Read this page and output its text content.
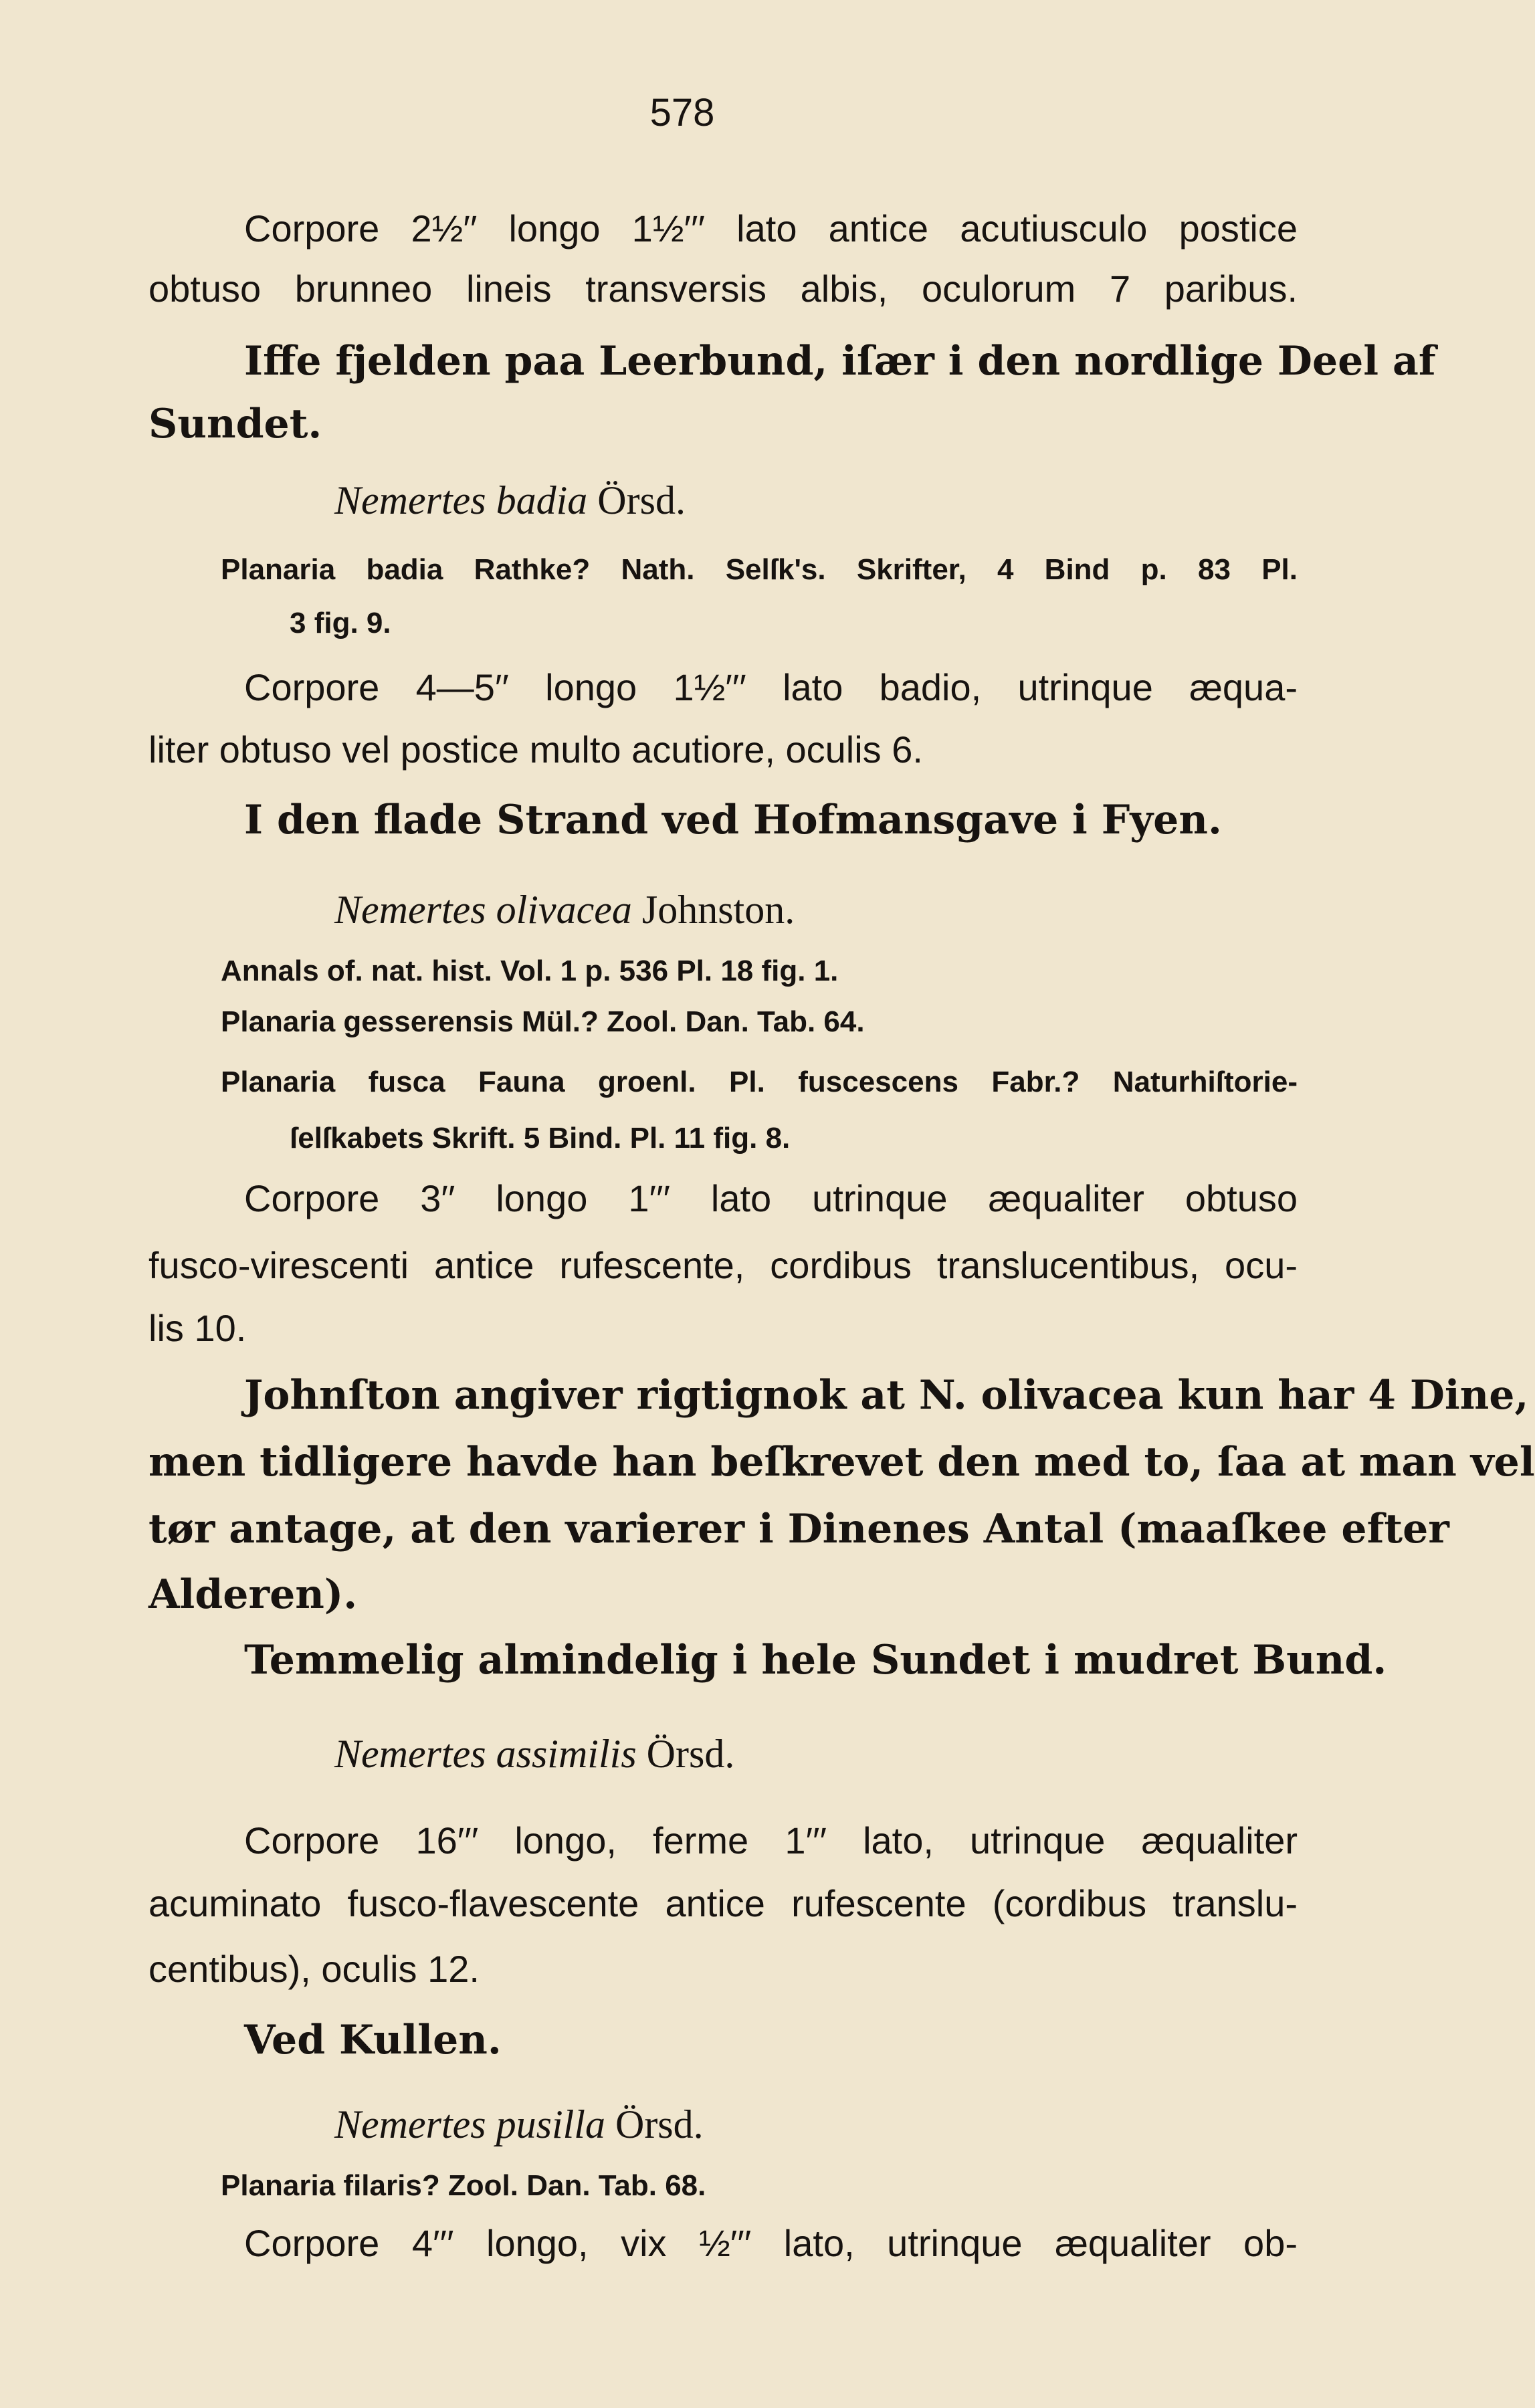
578

Corpore 2½′′ longo 1½′′′ lato antice acutiusculo postice

obtuso brunneo lineis transversis albis, oculorum 7 paribus.

Iffe fjelden paa Leerbund, iſær i den nordlige Deel af

Sundet.

Nemertes badia Örsd.

Planaria badia Rathke? Nath. Selſk's. Skrifter, 4 Bind p. 83 Pl.

3 fig. 9.

Corpore 4—5′′ longo 1½′′′ lato badio, utrinque æqua-

liter obtuso vel postice multo acutiore, oculis 6.

I den flade Strand ved Hofmansgave i Fyen.

Nemertes olivacea Johnston.

Annals of. nat. hist. Vol. 1 p. 536 Pl. 18 fig. 1.

Planaria gesserensis Mül.? Zool. Dan. Tab. 64.

Planaria fusca Fauna groenl. Pl. fuscescens Fabr.? Naturhiſtorie-

ſelſkabets Skrift. 5 Bind. Pl. 11 fig. 8.

Corpore 3′′ longo 1′′′ lato utrinque æqualiter obtuso

fusco-virescenti antice rufescente, cordibus translucentibus, ocu-

lis 10.

Johnſton angiver rigtignok at N. olivacea kun har 4 Dine,

men tidligere havde han beſkrevet den med to, ſaa at man vel

tør antage, at den varierer i Dinenes Antal (maaſkee efter

Alderen).

Temmelig almindelig i hele Sundet i mudret Bund.

Nemertes assimilis Örsd.

Corpore 16′′′ longo, ferme 1′′′ lato, utrinque æqualiter

acuminato fusco-flavescente antice rufescente (cordibus translu-

centibus), oculis 12.

Ved Kullen.

Nemertes pusilla Örsd.

Planaria filaris? Zool. Dan. Tab. 68.

Corpore 4′′′ longo, vix ½′′′ lato, utrinque æqualiter ob-
